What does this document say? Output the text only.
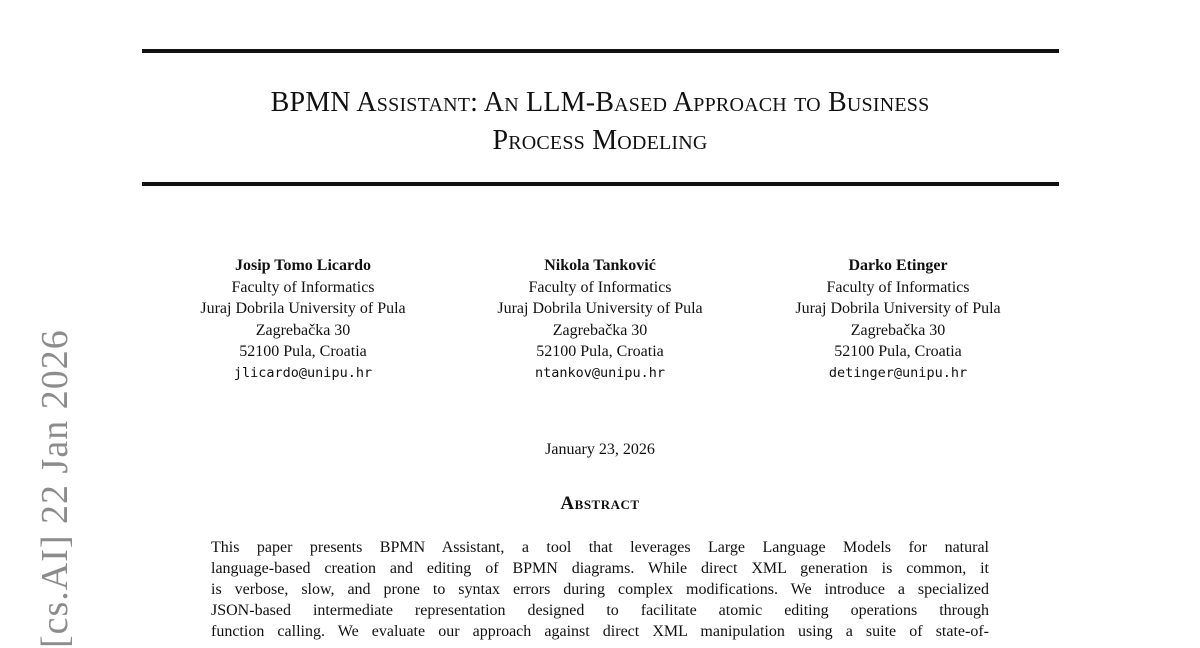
BPMN Assistant: An LLM-Based Approach to Business
Process Modeling
Josip Tomo Licardo
Faculty of Informatics
Juraj Dobrila University of Pula
Zagrebačka 30
52100 Pula, Croatia
jlicardo@unipu.hr
Nikola Tanković
Faculty of Informatics
Juraj Dobrila University of Pula
Zagrebačka 30
52100 Pula, Croatia
ntankov@unipu.hr
Darko Etinger
Faculty of Informatics
Juraj Dobrila University of Pula
Zagrebačka 30
52100 Pula, Croatia
detinger@unipu.hr
January 23, 2026
Abstract
This paper presents BPMN Assistant, a tool that leverages Large Language Models for natural
language-based creation and editing of BPMN diagrams. While direct XML generation is common, it
is verbose, slow, and prone to syntax errors during complex modifications. We introduce a specialized
JSON-based intermediate representation designed to facilitate atomic editing operations through
function calling. We evaluate our approach against direct XML manipulation using a suite of state-of-
[cs.AI] 22 Jan 2026
